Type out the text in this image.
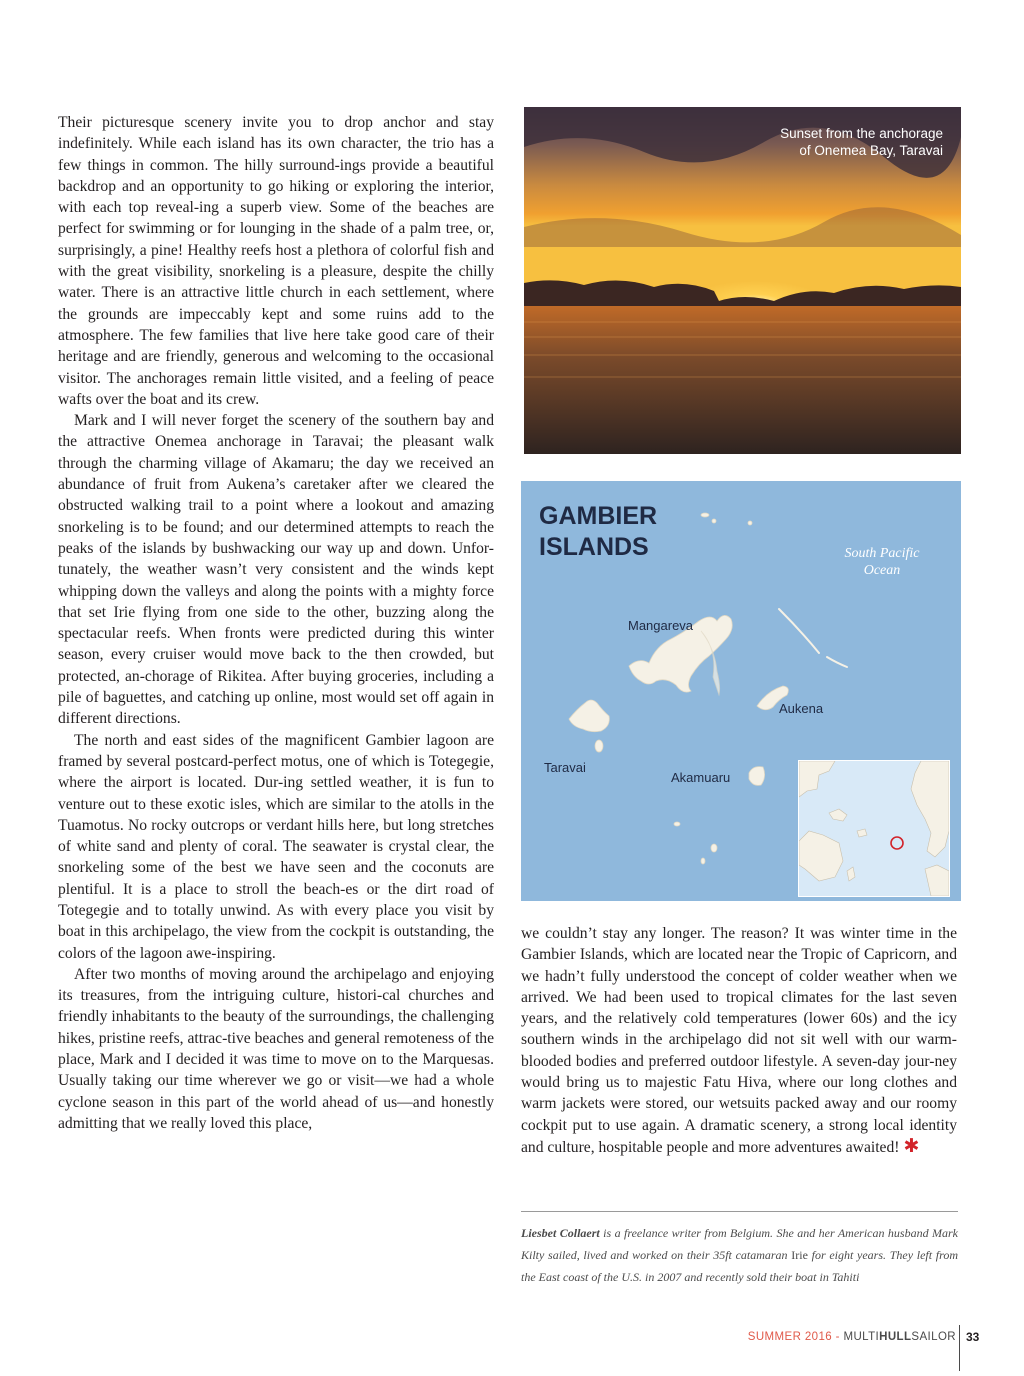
Their picturesque scenery invite you to drop anchor and stay indefinitely. While each island has its own character, the trio has a few things in common. The hilly surround-ings provide a beautiful backdrop and an opportunity to go hiking or exploring the interior, with each top reveal-ing a superb view. Some of the beaches are perfect for swimming or for lounging in the shade of a palm tree, or, surprisingly, a pine! Healthy reefs host a plethora of colorful fish and with the great visibility, snorkeling is a pleasure, despite the chilly water. There is an attractive little church in each settlement, where the grounds are impeccably kept and some ruins add to the atmosphere. The few families that live here take good care of their heritage and are friendly, generous and welcoming to the occasional visitor. The anchorages remain little visited, and a feeling of peace wafts over the boat and its crew.

Mark and I will never forget the scenery of the southern bay and the attractive Onemea anchorage in Taravai; the pleasant walk through the charming village of Akamaru; the day we received an abundance of fruit from Aukena’s caretaker after we cleared the obstructed walking trail to a point where a lookout and amazing snorkeling is to be found; and our determined attempts to reach the peaks of the islands by bushwacking our way up and down. Unfor-tunately, the weather wasn’t very consistent and the winds kept whipping down the valleys and along the points with a mighty force that set Irie flying from one side to the other, buzzing along the spectacular reefs. When fronts were predicted during this winter season, every cruiser would move back to the then crowded, but protected, an-chorage of Rikitea. After buying groceries, including a pile of baguettes, and catching up online, most would set off again in different directions.

The north and east sides of the magnificent Gambier lagoon are framed by several postcard-perfect motus, one of which is Totegegie, where the airport is located. Dur-ing settled weather, it is fun to venture out to these exotic isles, which are similar to the atolls in the Tuamotus. No rocky outcrops or verdant hills here, but long stretches of white sand and plenty of coral. The seawater is crystal clear, the snorkeling some of the best we have seen and the coconuts are plentiful. It is a place to stroll the beach-es or the dirt road of Totegegie and to totally unwind. As with every place you visit by boat in this archipelago, the view from the cockpit is outstanding, the colors of the lagoon awe-inspiring.

After two months of moving around the archipelago and enjoying its treasures, from the intriguing culture, histori-cal churches and friendly inhabitants to the beauty of the surroundings, the challenging hikes, pristine reefs, attrac-tive beaches and general remoteness of the place, Mark and I decided it was time to move on to the Marquesas. Usually taking our time wherever we go or visit—we had a whole cyclone season in this part of the world ahead of us—and honestly admitting that we really loved this place,

Sunset from the anchorage
of Onemea Bay, Taravai
GAMBIER
ISLANDS	South Pacific
Ocean
Mangareva
Aukena
Taravai
Akamuaru

we couldn’t stay any longer. The reason? It was winter time in the Gambier Islands, which are located near the Tropic of Capricorn, and we hadn’t fully understood the concept of colder weather when we arrived. We had been used to tropical climates for the last seven years, and the relatively cold temperatures (lower 60s) and the icy southern winds in the archipelago did not sit well with our warm-blooded bodies and preferred outdoor lifestyle. A seven-day jour-ney would bring us to majestic Fatu Hiva, where our long clothes and warm jackets were stored, our wetsuits packed away and our roomy cockpit put to use again. A dramatic scenery, a strong local identity and culture, hospitable people and more adventures awaited! ✱

Liesbet Collaert is a freelance writer from Belgium. She and her American husband Mark Kilty sailed, lived and worked on their 35ft catamaran Irie for eight years. They left from the East coast of the U.S. in 2007 and recently sold their boat in Tahiti
SUMMER 2016 - MULTIHULLSAILOR 33
